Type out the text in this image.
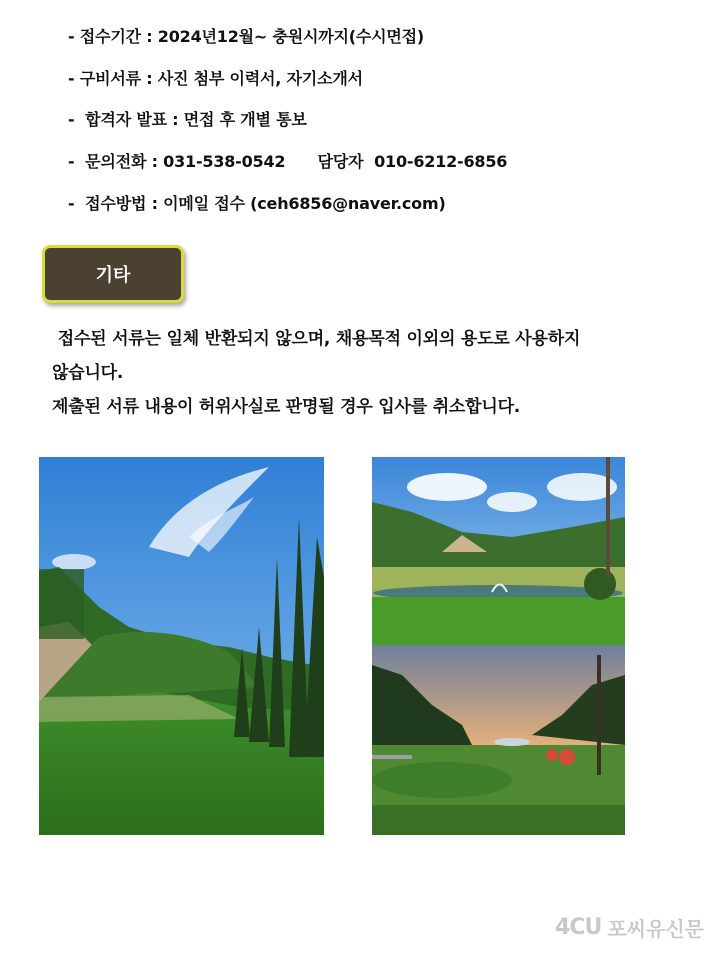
- 접수기간 : 2024년12월~ 충원시까지(수시면접)
- 구비서류 : 사진 첨부 이력서, 자기소개서
-  합격자 발표 : 면접 후 개별 통보
-  문의전화 : 031-538-0542      담당자  010-6212-6856
-  접수방법 : 이메일 접수 (ceh6856@naver.com)
기타

접수된 서류는 일체 반환되지 않으며, 채용목적 이외의 용도로 사용하지

않습니다.

제출된 서류 내용이 허위사실로 판명될 경우 입사를 취소합니다.

4CU 포씨유신문
